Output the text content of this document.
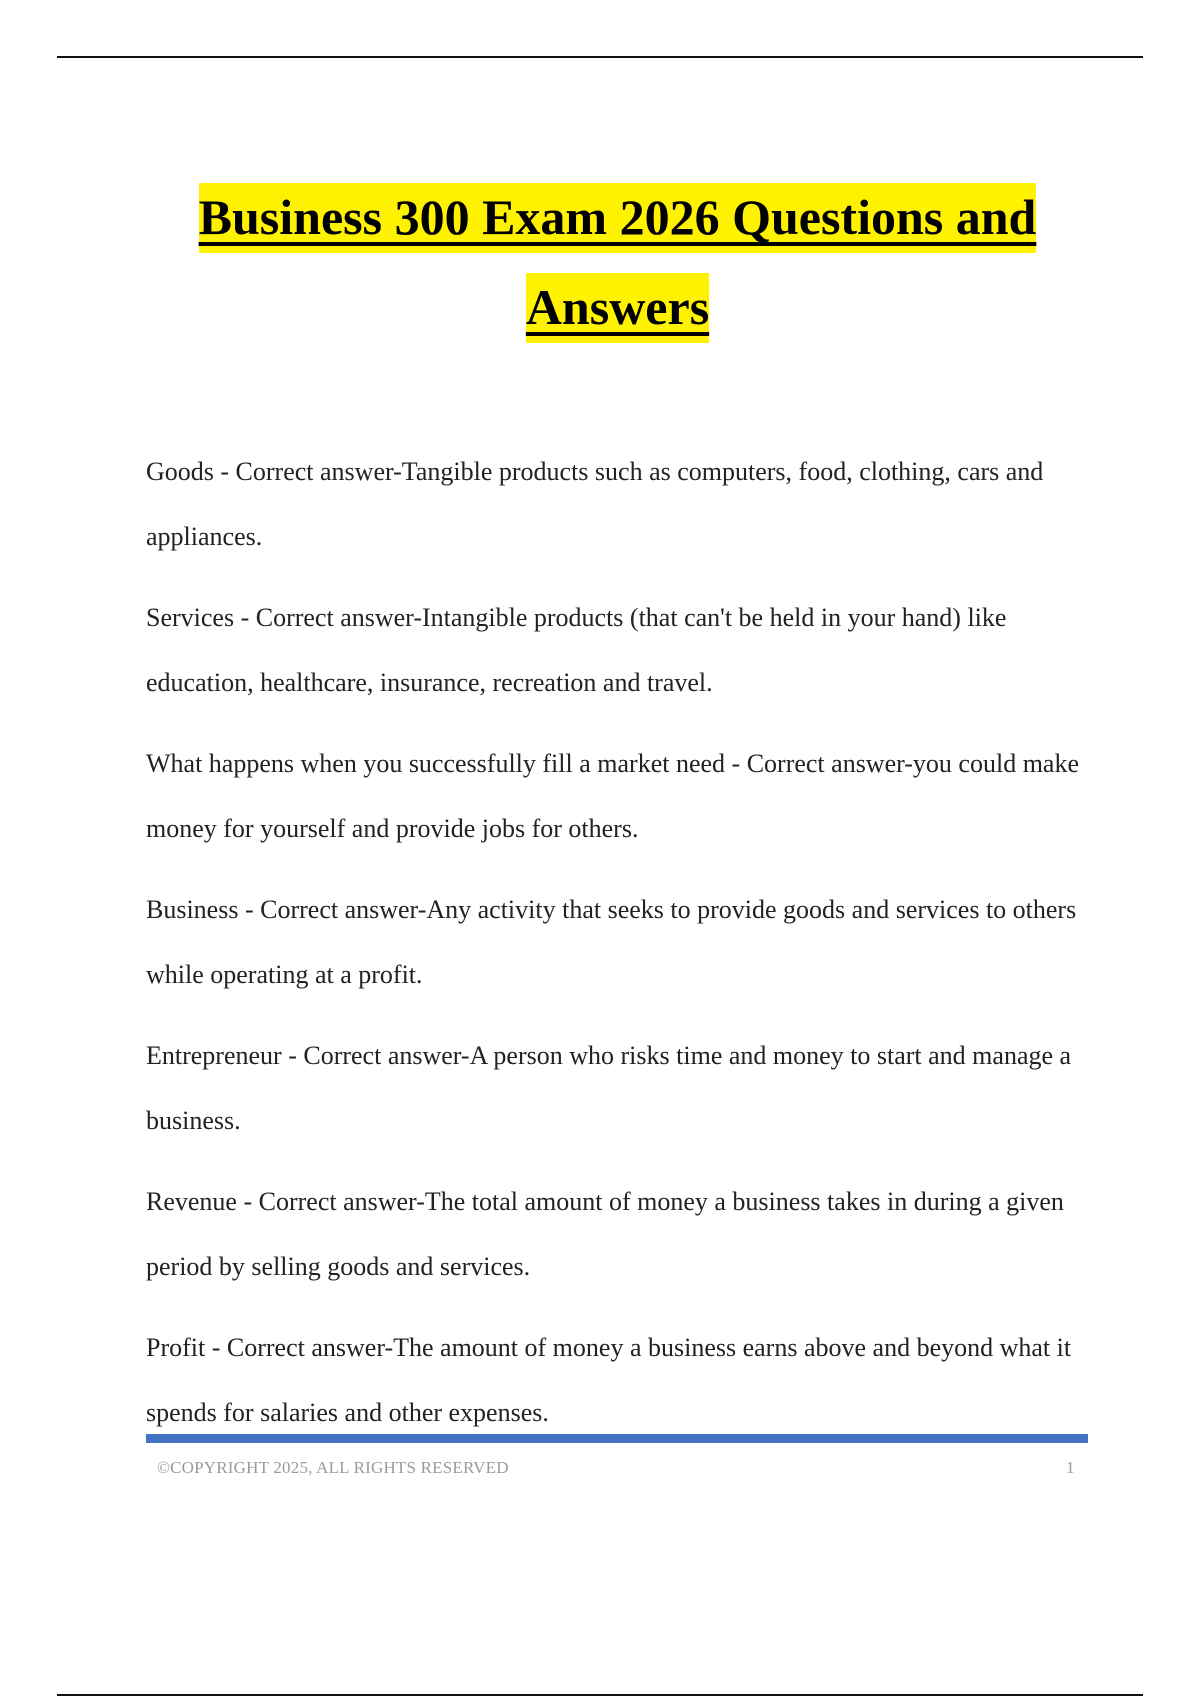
Business 300 Exam 2026 Questions and

Answers

Goods - Correct answer-Tangible products such as computers, food, clothing, cars and appliances.

Services - Correct answer-Intangible products (that can't be held in your hand) like education, healthcare, insurance, recreation and travel.

What happens when you successfully fill a market need - Correct answer-you could make money for yourself and provide jobs for others.

Business - Correct answer-Any activity that seeks to provide goods and services to others while operating at a profit.

Entrepreneur - Correct answer-A person who risks time and money to start and manage a business.

Revenue - Correct answer-The total amount of money a business takes in during a given period by selling goods and services.

Profit - Correct answer-The amount of money a business earns above and beyond what it spends for salaries and other expenses.

©COPYRIGHT 2025, ALL RIGHTS RESERVED	1
